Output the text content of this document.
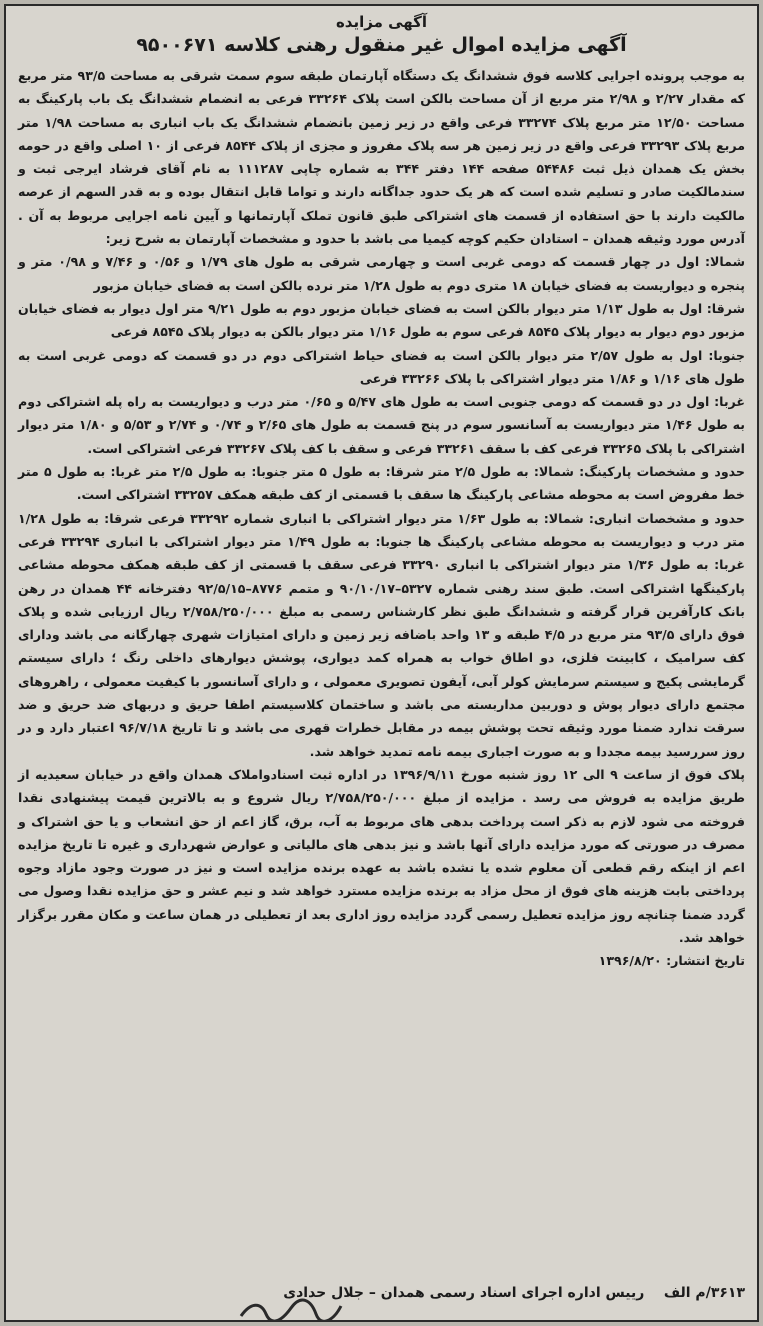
آگهی مزایده
آگهی مزایده اموال غیر منقول رهنی کلاسه ۹۵۰۰۶۷۱

به موجب پرونده اجرایی کلاسه فوق ششدانگ یک دستگاه آپارتمان طبقه سوم سمت شرقی به مساحت ۹۳/۵ متر مربع که مقدار ۲/۲۷ و ۲/۹۸ متر مربع از آن مساحت بالکن است پلاک ۳۳۲۶۴ فرعی به انضمام ششدانگ یک باب پارکینگ به مساحت ۱۲/۵۰ متر مربع پلاک ۳۳۲۷۴ فرعی واقع در زیر زمین بانضمام ششدانگ یک باب انباری به مساحت ۱/۹۸ متر مربع پلاک ۳۳۲۹۳ فرعی واقع در زیر زمین هر سه پلاک مفروز و مجزی از پلاک ۸۵۴۴ فرعی از ۱۰ اصلی واقع در حومه بخش یک همدان ذیل ثبت ۵۴۴۸۶ صفحه ۱۴۴ دفتر ۳۴۴ به شماره چاپی ۱۱۱۲۸۷ به نام آقای فرشاد ایرجی ثبت و سندمالکیت صادر و تسلیم شده است که هر یک حدود جداگانه دارند و تواما قابل انتقال بوده و به قدر السهم از عرصه مالکیت دارند با حق استفاده از قسمت های اشتراکی طبق قانون تملک آپارتمانها و آیین نامه اجرایی مربوط به آن . آدرس مورد وثیقه همدان – استادان حکیم کوچه کیمیا می باشد با حدود و مشخصات آپارتمان به شرح زیر:

شمالا: اول در چهار قسمت که دومی غربی است و چهارمی شرقی به طول های ۱/۷۹ و ۰/۵۶ و ۷/۴۶ و ۰/۹۸ متر و پنجره و دیواریست به فضای خیابان ۱۸ متری دوم به طول ۱/۲۸ متر نرده بالکن است به فضای خیابان مزبور

شرقا: اول به طول ۱/۱۳ متر دیوار بالکن است به فضای خیابان مزبور دوم به طول ۹/۲۱ متر اول دیوار به فضای خیابان مزبور دوم دیوار به دیوار پلاک ۸۵۴۵ فرعی سوم به طول ۱/۱۶ متر دیوار بالکن به دیوار پلاک ۸۵۴۵ فرعی

جنوبا: اول به طول ۲/۵۷ متر دیوار بالکن است به فضای حیاط اشتراکی دوم در دو قسمت که دومی غربی است به طول های ۱/۱۶ و ۱/۸۶ متر دیوار اشتراکی با پلاک ۳۳۲۶۶ فرعی

غربا: اول در دو قسمت که دومی جنوبی است به طول های ۵/۴۷ و ۰/۶۵ متر درب و دیواریست به راه پله اشتراکی دوم به طول ۱/۴۶ متر دیواریست به آسانسور سوم در پنج قسمت به طول های ۲/۶۵ و ۰/۷۴ و ۲/۷۴ و ۵/۵۳ و ۱/۸۰ متر دیوار اشتراکی با پلاک ۳۳۲۶۵ فرعی کف با سقف ۳۳۲۶۱ فرعی و سقف با کف پلاک ۳۳۲۶۷ فرعی اشتراکی است.

حدود و مشخصات پارکینگ: شمالا: به طول ۲/۵ متر شرقا: به طول ۵ متر جنوبا: به طول ۲/۵ متر غربا: به طول ۵ متر خط مفروض است به محوطه مشاعی پارکینگ ها سقف با قسمتی از کف طبقه همکف ۳۳۲۵۷ اشتراکی است.

حدود و مشخصات انباری: شمالا: به طول ۱/۶۳ متر دیوار اشتراکی با انباری شماره ۳۳۲۹۲ فرعی شرقا: به طول ۱/۲۸ متر درب و دیواریست به محوطه مشاعی پارکینگ ها جنوبا: به طول ۱/۴۹ متر دیوار اشتراکی با انباری ۳۳۲۹۴ فرعی غربا: به طول ۱/۳۶ متر دیوار اشتراکی با انباری ۳۳۲۹۰ فرعی سقف با قسمتی از کف طبقه همکف محوطه مشاعی پارکینگها اشتراکی است. طبق سند رهنی شماره ۵۳۲۷–۹۰/۱۰/۱۷ و متمم ۸۷۷۶–۹۲/۵/۱۵ دفترخانه ۴۴ همدان در رهن بانک کارآفرین قرار گرفته و ششدانگ طبق نظر کارشناس رسمی به مبلغ ۲/۷۵۸/۲۵۰/۰۰۰ ریال ارزیابی شده و پلاک فوق دارای ۹۳/۵ متر مربع در ۴/۵ طبقه و ۱۳ واحد باضافه زیر زمین و دارای امتیازات شهری چهارگانه می باشد ودارای کف سرامیک ، کابینت فلزی، دو اطاق خواب به همراه کمد دیواری، پوشش دیوارهای داخلی رنگ ؛ دارای سیستم گرمایشی پکیج و سیستم سرمایش کولر آبی، آیفون تصویری معمولی ، و دارای آسانسور با کیفیت معمولی ، راهروهای مجتمع دارای دیوار پوش و دوربین مداربسته می باشد و ساختمان کلاسیستم اطفا حریق و دربهای ضد حریق و ضد سرقت ندارد ضمنا مورد وثیقه تحت پوشش بیمه در مقابل خطرات قهری می باشد و تا تاریخ ۹۶/۷/۱۸ اعتبار دارد و در روز سررسید بیمه مجددا و به صورت اجباری بیمه نامه تمدید خواهد شد.

پلاک فوق از ساعت ۹ الی ۱۲ روز شنبه مورخ ۱۳۹۶/۹/۱۱ در اداره ثبت اسنادواملاک همدان واقع در خیابان سعیدیه از طریق مزایده به فروش می رسد . مزایده از مبلغ ۲/۷۵۸/۲۵۰/۰۰۰ ریال شروع و به بالاترین قیمت پیشنهادی نقدا فروخته می شود لازم به ذکر است پرداخت بدهی های مربوط به آب، برق، گاز اعم از حق انشعاب و یا حق اشتراک و مصرف در صورتی که مورد مزایده دارای آنها باشد و نیز بدهی های مالیاتی و عوارض شهرداری و غیره تا تاریخ مزایده اعم از اینکه رقم قطعی آن معلوم شده یا نشده باشد به عهده برنده مزایده است و نیز در صورت وجود مازاد وجوه پرداختی بابت هزینه های فوق از محل مزاد به برنده مزایده مسترد خواهد شد و نیم عشر و حق مزایده نقدا وصول می گردد ضمنا چنانچه روز مزایده تعطیل رسمی گردد مزایده روز اداری بعد از تعطیلی در همان ساعت و مکان مقرر برگزار خواهد شد.

تاریخ انتشار: ۱۳۹۶/۸/۲۰

۳۶۱۳/م الف    رییس اداره اجرای اسناد رسمی همدان – جلال حدادی
